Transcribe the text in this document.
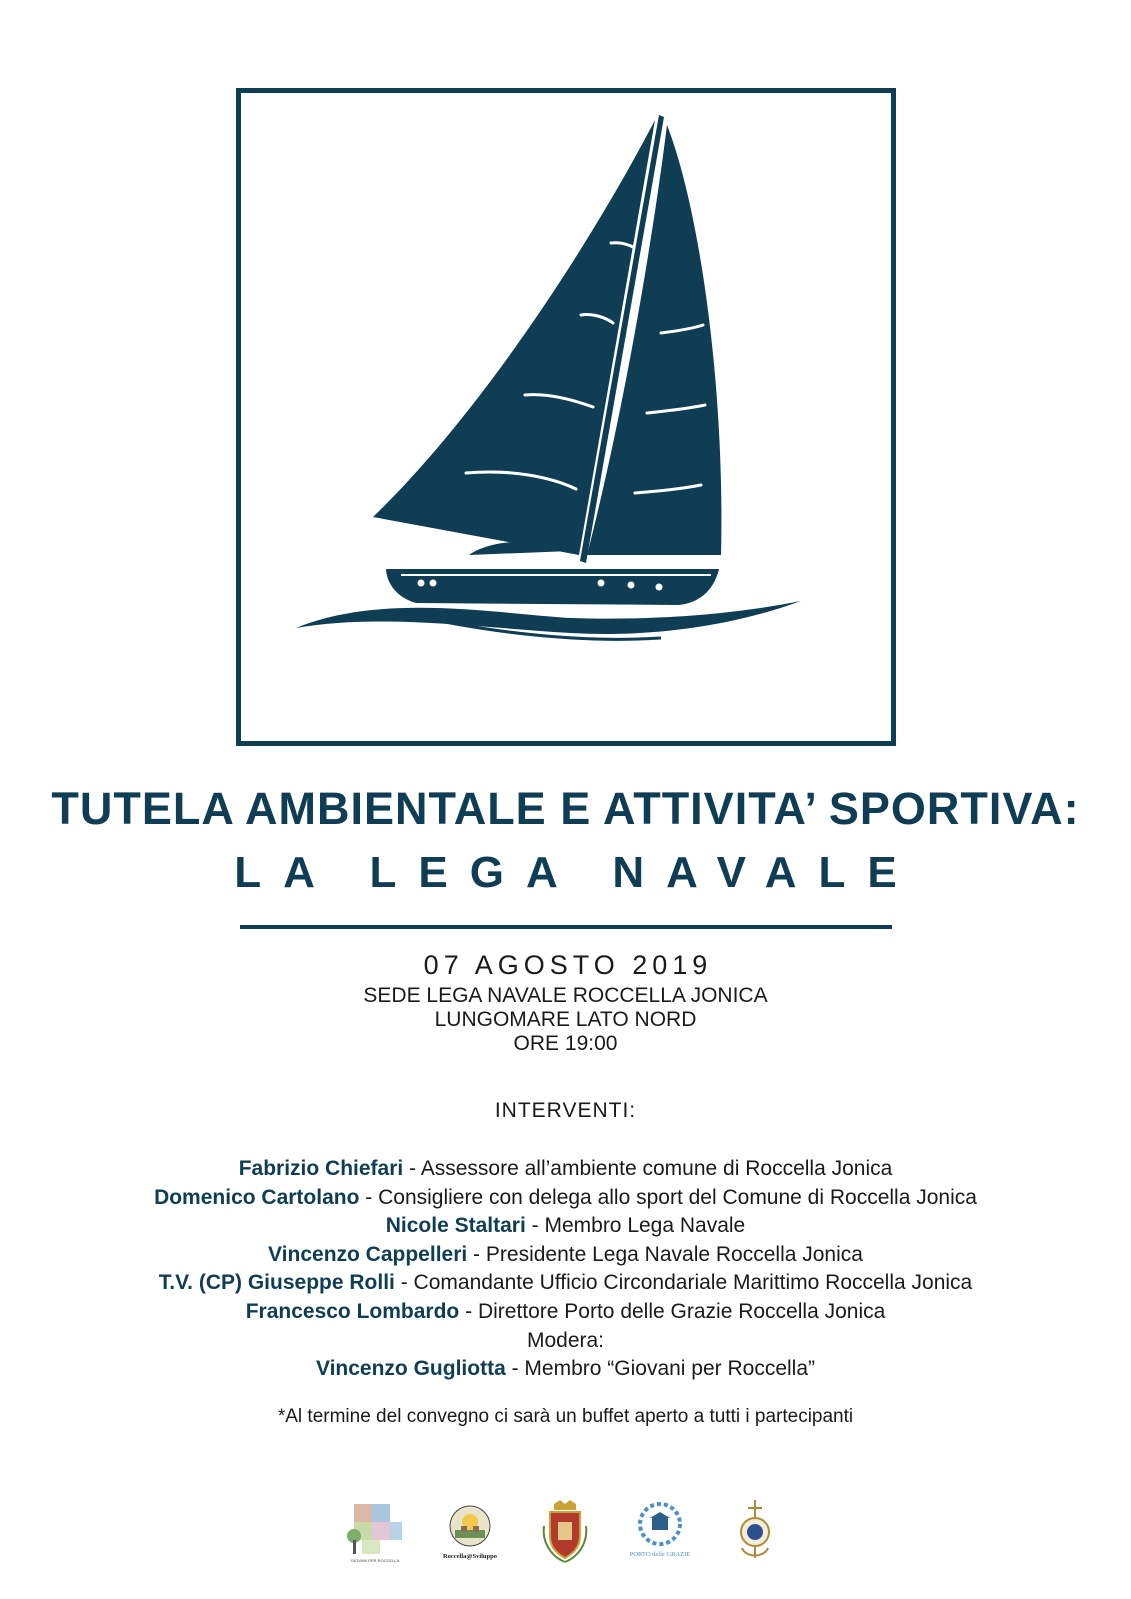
TUTELA AMBIENTALE E ATTIVITA’ SPORTIVA:
LA LEGA NAVALE
07 AGOSTO 2019
SEDE LEGA NAVALE ROCCELLA JONICA
LUNGOMARE LATO NORD
ORE 19:00
INTERVENTI:
Fabrizio Chiefari - Assessore all’ambiente comune di Roccella Jonica
Domenico Cartolano - Consigliere con delega allo sport del Comune di Roccella Jonica
Nicole Staltari - Membro Lega Navale
Vincenzo Cappelleri - Presidente Lega Navale Roccella Jonica
T.V. (CP) Giuseppe Rolli - Comandante Ufficio Circondariale Marittimo Roccella Jonica
Francesco Lombardo - Direttore Porto delle Grazie Roccella Jonica
Modera:
Vincenzo Gugliotta - Membro “Giovani per Roccella”
*Al termine del convegno ci sarà un buffet aperto a tutti i partecipanti
GIOVANI PER ROCCELLA
Roccella@Sviluppo	PORTO delle GRAZIE
